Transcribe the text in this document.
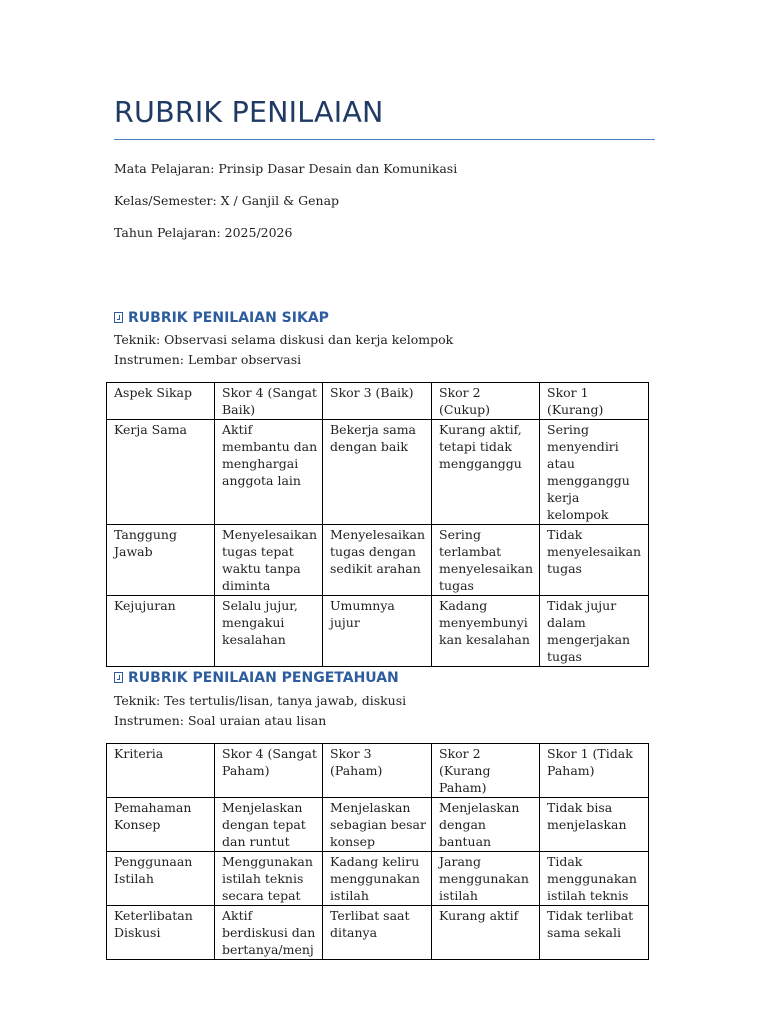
RUBRIK PENILAIAN

Mata Pelajaran: Prinsip Dasar Desain dan Komunikasi

Kelas/Semester: X / Ganjil & Genap

Tahun Pelajaran: 2025/2026

RUBRIK PENILAIAN SIKAP

Teknik: Observasi selama diskusi dan kerja kelompok

Instrumen: Lembar observasi

Aspek Sikap	Skor 4 (Sangat Baik)	Skor 3 (Baik)	Skor 2 (Cukup)	Skor 1 (Kurang)
Kerja Sama	Aktif membantu dan menghargai anggota lain	Bekerja sama dengan baik	Kurang aktif, tetapi tidak mengganggu	Sering menyendiri atau mengganggu kerja kelompok
Tanggung Jawab	Menyelesaikan tugas tepat waktu tanpa diminta	Menyelesaikan tugas dengan sedikit arahan	Sering terlambat menyelesaikan tugas	Tidak menyelesaikan tugas
Kejujuran	Selalu jujur, mengakui kesalahan	Umumnya jujur	Kadang menyembunyikan kesalahan	Tidak jujur dalam mengerjakan tugas
RUBRIK PENILAIAN PENGETAHUAN

Teknik: Tes tertulis/lisan, tanya jawab, diskusi

Instrumen: Soal uraian atau lisan

Kriteria	Skor 4 (Sangat Paham)	Skor 3 (Paham)	Skor 2 (Kurang Paham)	Skor 1 (Tidak Paham)
Pemahaman Konsep	Menjelaskan dengan tepat dan runtut	Menjelaskan sebagian besar konsep	Menjelaskan dengan bantuan	Tidak bisa menjelaskan
Penggunaan Istilah	Menggunakan istilah teknis secara tepat	Kadang keliru menggunakan istilah	Jarang menggunakan istilah	Tidak menggunakan istilah teknis
Keterlibatan Diskusi	Aktif berdiskusi dan bertanya/menj	Terlibat saat ditanya	Kurang aktif	Tidak terlibat sama sekali
